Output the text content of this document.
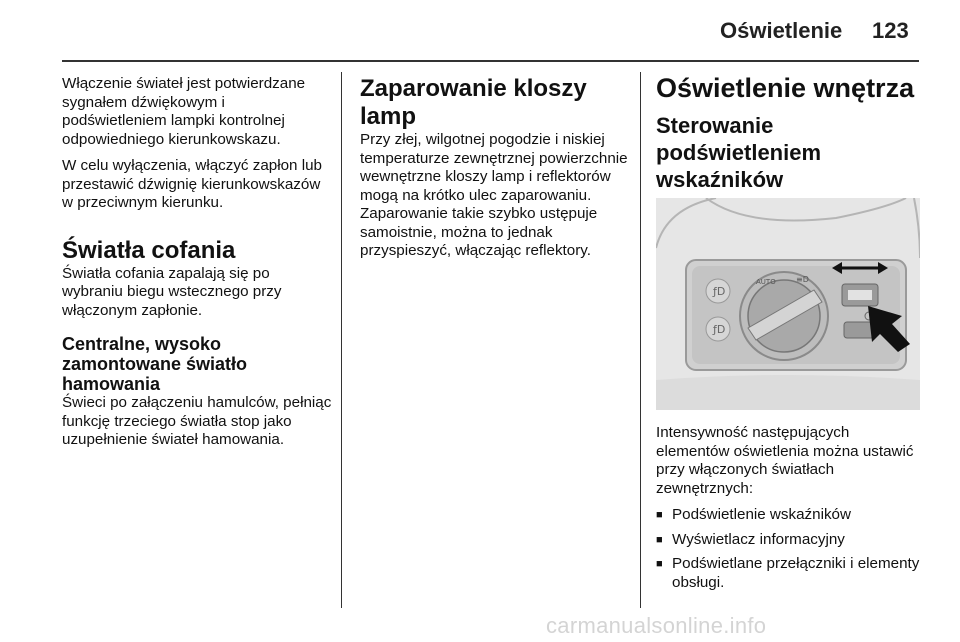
Oświetlenie 123

Włączenie świateł jest potwierdzane sygnałem dźwiękowym i podświetleniem lampki kontrolnej odpowiedniego kierunkowskazu.

W celu wyłączenia, włączyć zapłon lub przestawić dźwignię kierunkowskazów w przeciwnym kierunku.

Światła cofania

Światła cofania zapalają się po wybraniu biegu wstecznego przy włączonym zapłonie.

Centralne, wysoko zamontowane światło hamowania

Świeci po załączeniu hamulców, pełniąc funkcję trzeciego światła stop jako uzupełnienie świateł hamowania.

Zaparowanie kloszy lamp

Przy złej, wilgotnej pogodzie i niskiej temperaturze zewnętrznej powierzchnie wewnętrzne kloszy lamp i reflektorów mogą na krótko ulec zaparowaniu. Zaparowanie takie szybko ustępuje samoistnie, można to jednak przyspieszyć, włączając reflektory.

Oświetlenie wnętrza
Sterowanie
podświetleniem
wskaźników
ƒD
ƒD
AUTO	≡D

Intensywność następujących elementów oświetlenia można ustawić przy włączonych światłach zewnętrznych:

■ Podświetlenie wskaźników
■ Wyświetlacz informacyjny
■ Podświetlane przełączniki i elementy obsługi.
carmanualsonline.info
